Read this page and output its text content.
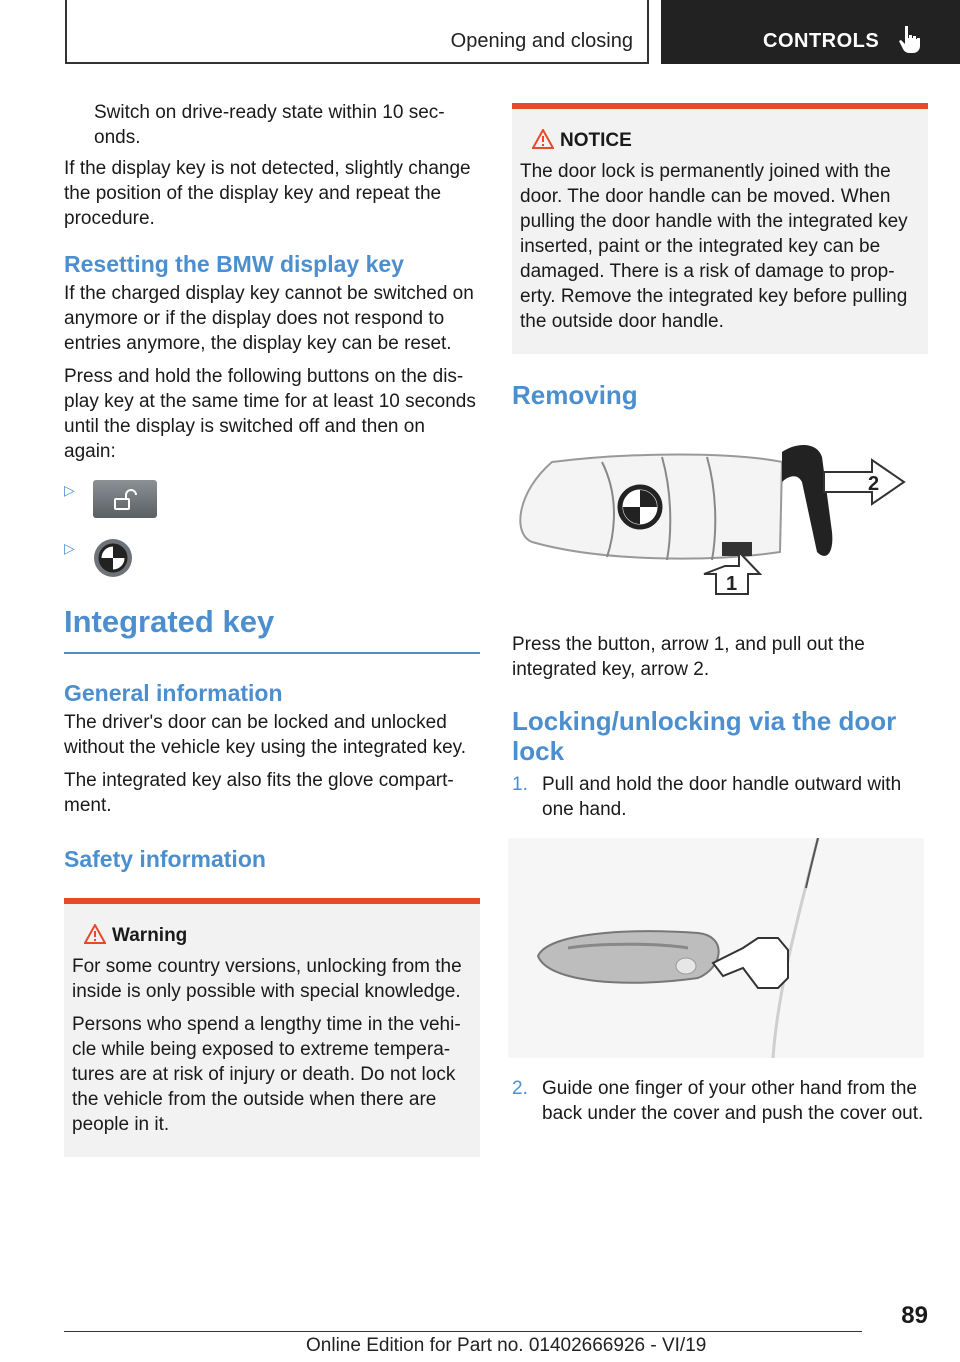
Opening and closing	CONTROLS

Switch on drive-ready state within 10 sec-onds.

If the display key is not detected, slightly change the position of the display key and repeat the procedure.

Resetting the BMW display key

If the charged display key cannot be switched on anymore or if the display does not respond to entries anymore, the display key can be reset.

Press and hold the following buttons on the dis-play key at the same time for at least 10 seconds until the display is switched off and then on again:

▷
▷
Integrated key
General information

The driver's door can be locked and unlocked without the vehicle key using the integrated key.

The integrated key also fits the glove compart-ment.

Safety information
Warning

For some country versions, unlocking from the inside is only possible with special knowledge.

Persons who spend a lengthy time in the vehi-cle while being exposed to extreme tempera-tures are at risk of injury or death. Do not lock the vehicle from the outside when there are people in it.

NOTICE

The door lock is permanently joined with the door. The door handle can be moved. When pulling the door handle with the integrated key inserted, paint or the integrated key can be damaged. There is a risk of damage to prop-erty. Remove the integrated key before pulling the outside door handle.

Removing
2
1

Press the button, arrow 1, and pull out the integrated key, arrow 2.

Locking/unlocking via the door lock
1. Pull and hold the door handle outward with one hand.

2. Guide one finger of your other hand from the back under the cover and push the cover out.

89
Online Edition for Part no. 01402666926 - VI/19
